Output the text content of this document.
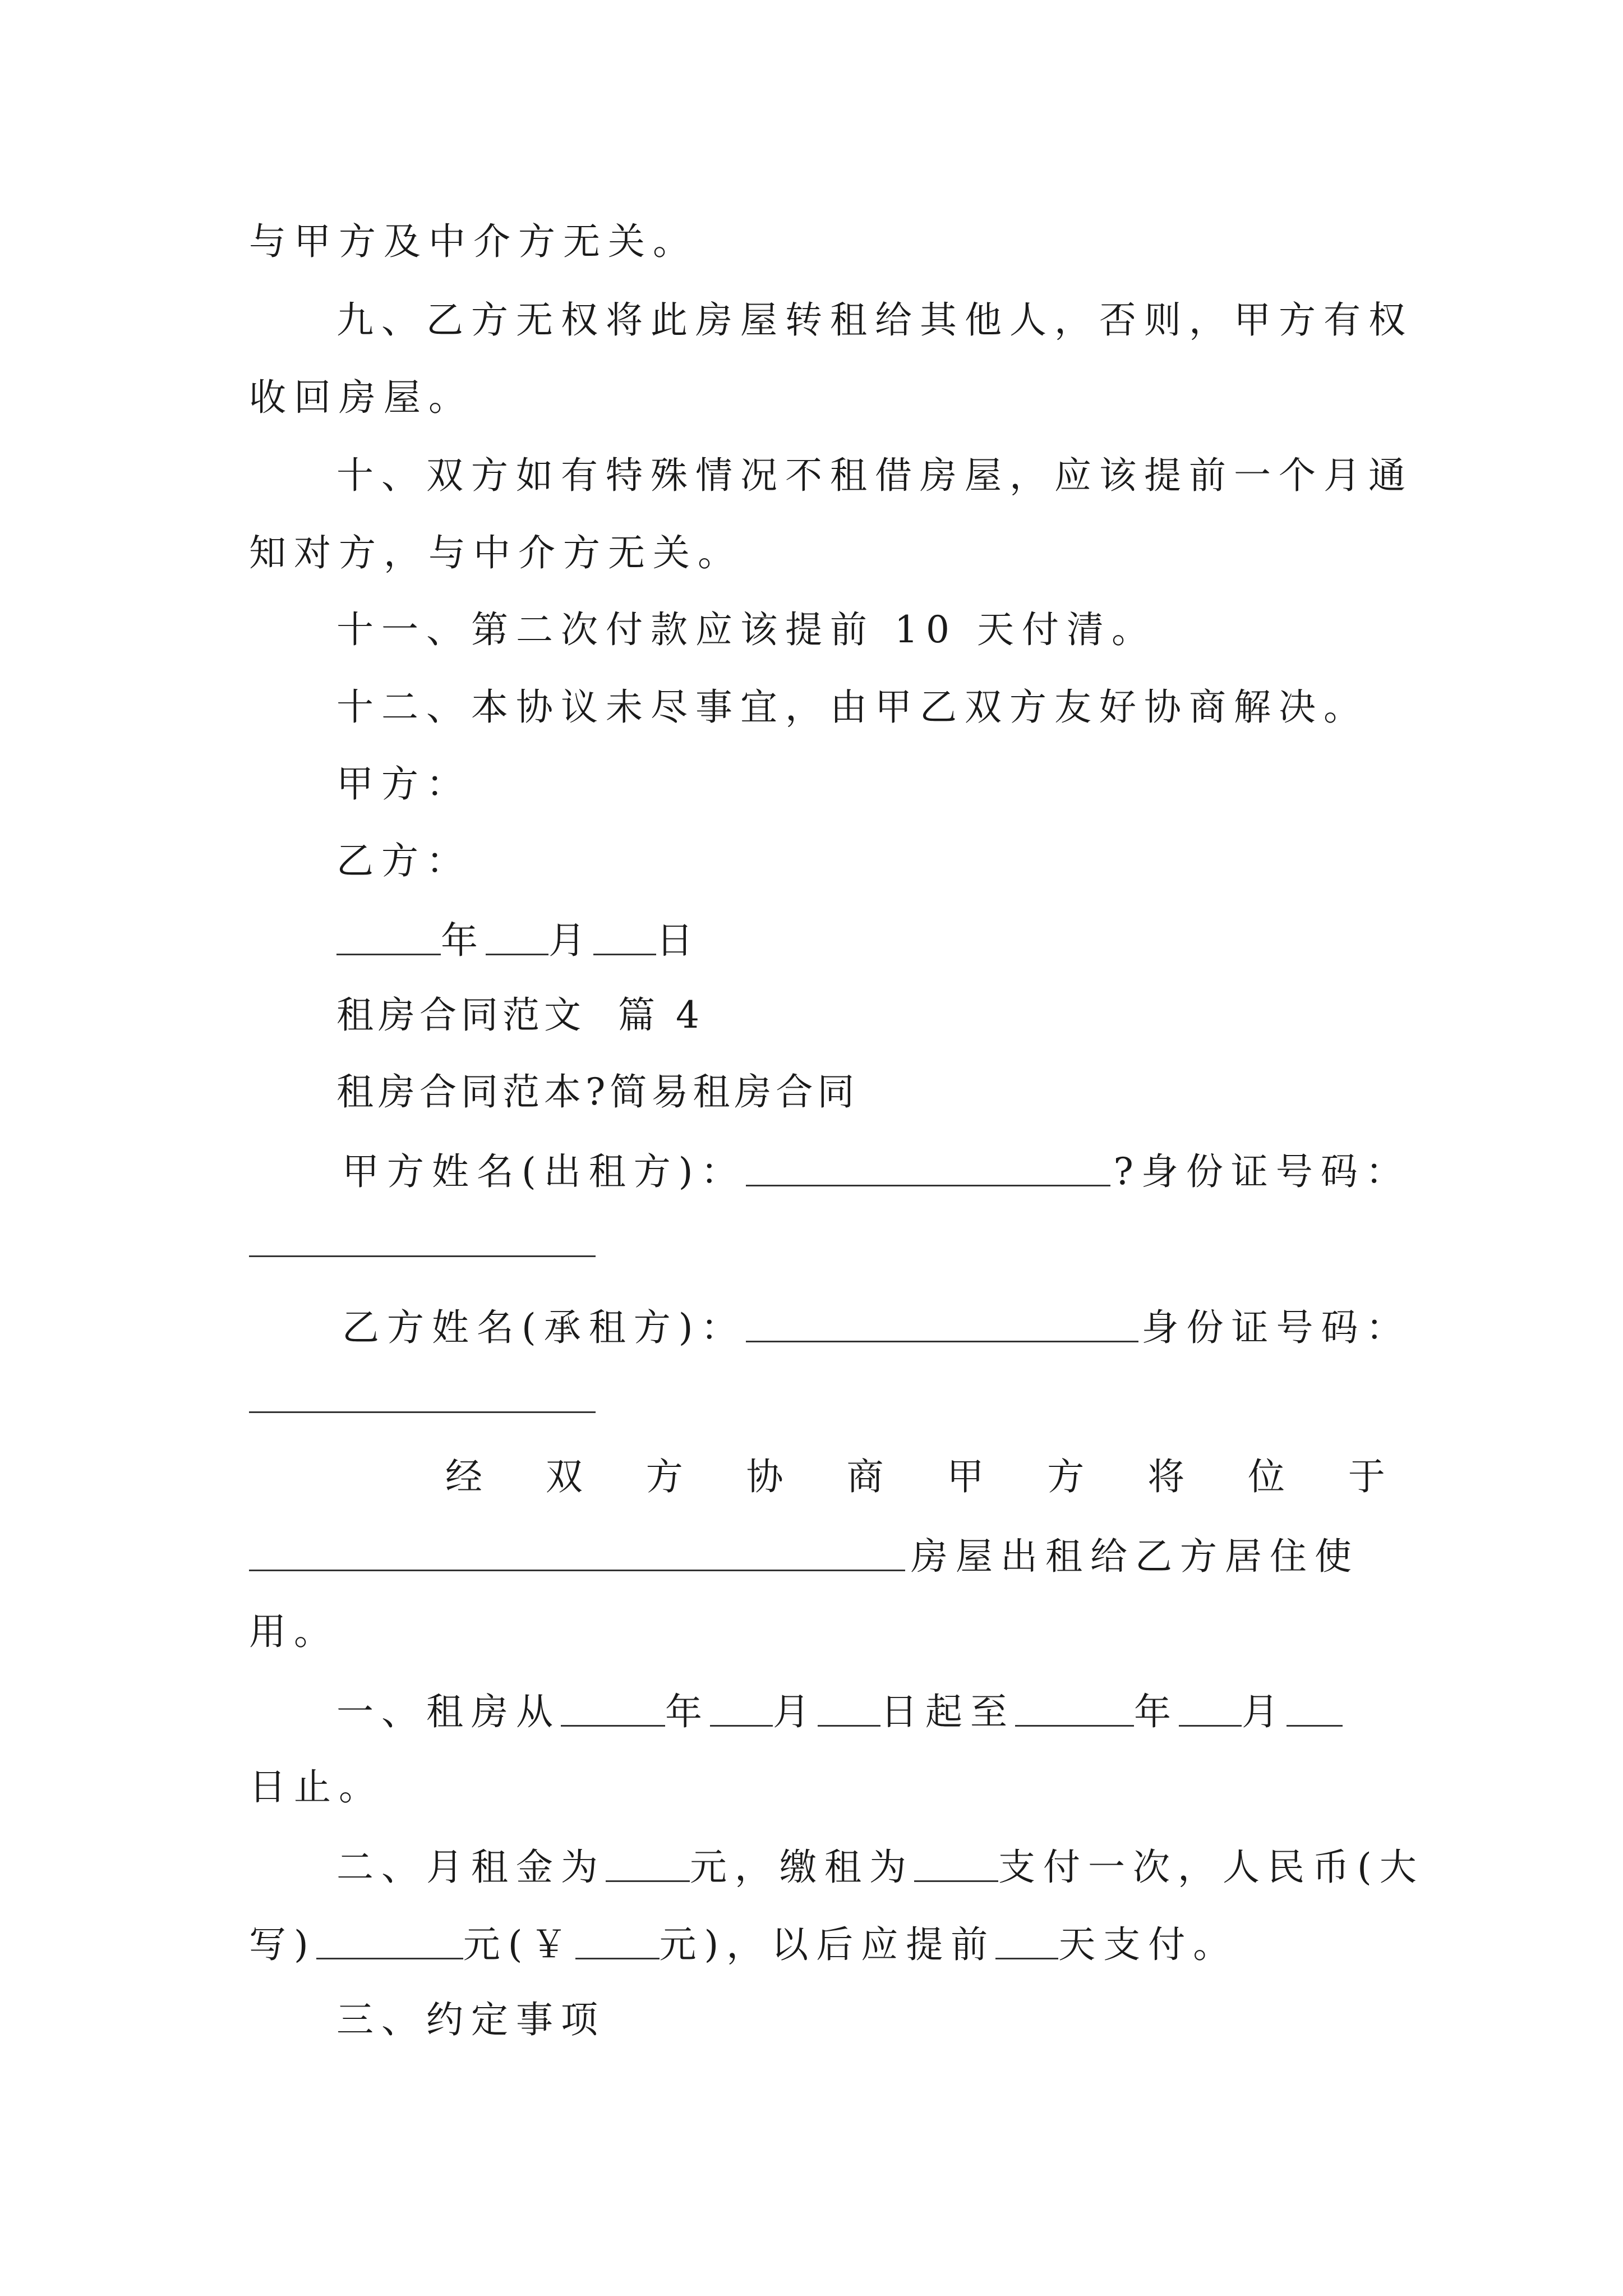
与甲方及中介方无关。
九、乙方无权将此房屋转租给其他人，否则，甲方有权
收回房屋。
十、双方如有特殊情况不租借房屋，应该提前一个月通
知对方，与中介方无关。
十一、第二次付款应该提前 10 天付清。
十二、本协议未尽事宜，由甲乙双方友好协商解决。
甲方：
乙方：
年 月 日
租房合同范文  篇 4
租房合同范本?简易租房合同
甲方姓名(出租方)：	?身份证号码：
乙方姓名(承租方)：	身份证号码：
经 双 方 协 商 甲 方 将 位 于
房屋出租给乙方居住使
用。
一、租房从	年 月 日起至	年 月
日止。
二、月租金为 元，缴租为 支付一次，人民币(大
写)	元(￥ 元)，以后应提前 天支付。
三、约定事项
